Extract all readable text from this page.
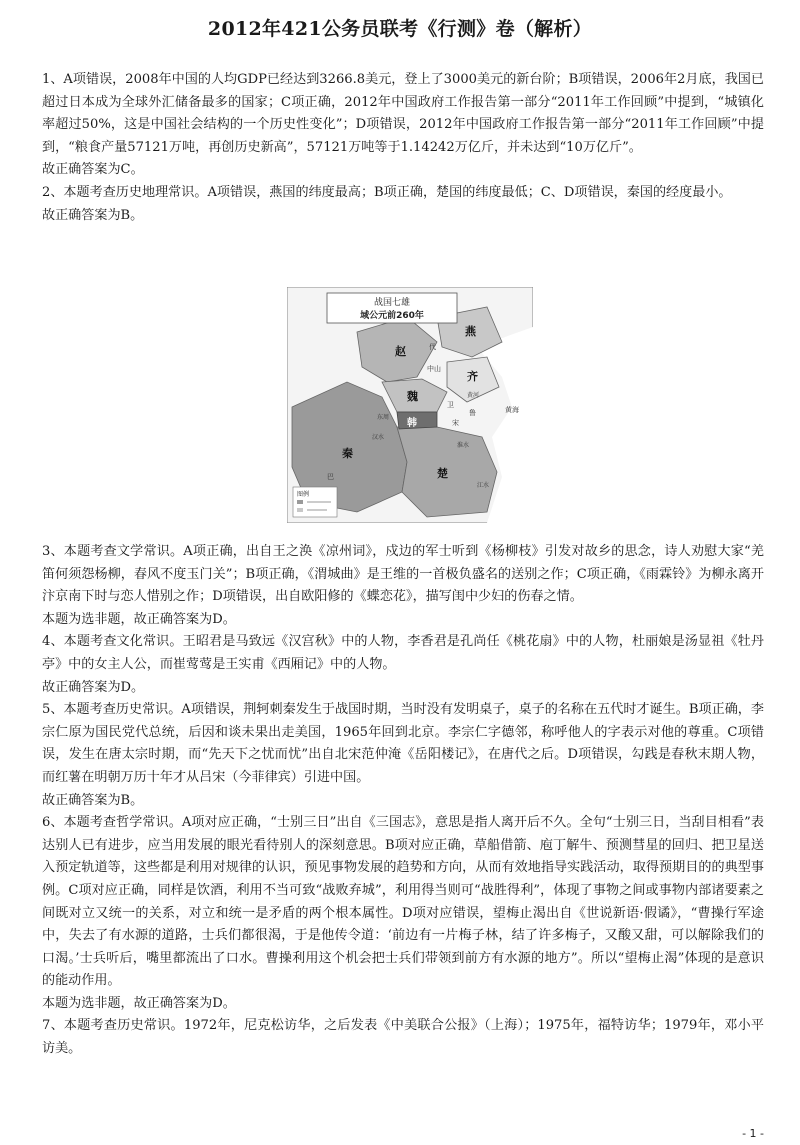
2012年421公务员联考《行测》卷（解析）

1、A项错误，2008年中国的人均GDP已经达到3266.8美元，登上了3000美元的新台阶；B项错误，2006年2月底，我国已超过日本成为全球外汇储备最多的国家；C项正确，2012年中国政府工作报告第一部分“2011年工作回顾”中提到，“城镇化率超过50%，这是中国社会结构的一个历史性变化”；D项错误，2012年中国政府工作报告第一部分“2011年工作回顾”中提到，“粮食产量57121万吨，再创历史新高”，57121万吨等于1.14242万亿斤，并未达到“10万亿斤”。

故正确答案为C。

2、本题考查历史地理常识。A项错误，燕国的纬度最高；B项正确，楚国的纬度最低；C、D项错误，秦国的经度最小。

故正确答案为B。

战国七雄
域公元前260年
赵
燕
齐
魏
韩
秦
楚
代
中山
黄河
卫
东周
宋
鲁
巴
汉水
黄海
淮水
江水
图例

3、本题考查文学常识。A项正确，出自王之涣《凉州词》，戍边的军士听到《杨柳枝》引发对故乡的思念，诗人劝慰大家“羌笛何须怨杨柳，春风不度玉门关”；B项正确，《渭城曲》是王维的一首极负盛名的送别之作；C项正确，《雨霖铃》为柳永离开汴京南下时与恋人惜别之作；D项错误，出自欧阳修的《蝶恋花》，描写闺中少妇的伤春之情。

本题为选非题，故正确答案为D。

4、本题考查文化常识。王昭君是马致远《汉宫秋》中的人物，李香君是孔尚任《桃花扇》中的人物，杜丽娘是汤显祖《牡丹亭》中的女主人公，而崔莺莺是王实甫《西厢记》中的人物。

故正确答案为D。

5、本题考查历史常识。A项错误，荆轲刺秦发生于战国时期，当时没有发明桌子，桌子的名称在五代时才诞生。B项正确，李宗仁原为国民党代总统，后因和谈未果出走美国，1965年回到北京。李宗仁字德邻，称呼他人的字表示对他的尊重。C项错误，发生在唐太宗时期，而“先天下之忧而忧”出自北宋范仲淹《岳阳楼记》，在唐代之后。D项错误，勾践是春秋末期人物，而红薯在明朝万历十年才从吕宋（今菲律宾）引进中国。

故正确答案为B。

6、本题考查哲学常识。A项对应正确，“士别三日”出自《三国志》，意思是指人离开后不久。全句“士别三日，当刮目相看”表达别人已有进步，应当用发展的眼光看待别人的深刻意思。B项对应正确，草船借箭、庖丁解牛、预测彗星的回归、把卫星送入预定轨道等，这些都是利用对规律的认识，预见事物发展的趋势和方向，从而有效地指导实践活动，取得预期目的的典型事例。C项对应正确，同样是饮酒，利用不当可致“战败弃城”，利用得当则可“战胜得利”，体现了事物之间或事物内部诸要素之间既对立又统一的关系，对立和统一是矛盾的两个根本属性。D项对应错误，望梅止渴出自《世说新语·假谲》，“曹操行军途中，失去了有水源的道路，士兵们都很渴，于是他传令道：‘前边有一片梅子林，结了许多梅子，又酸又甜，可以解除我们的口渴。’士兵听后，嘴里都流出了口水。曹操利用这个机会把士兵们带领到前方有水源的地方”。所以“望梅止渴”体现的是意识的能动作用。

本题为选非题，故正确答案为D。

7、本题考查历史常识。1972年，尼克松访华，之后发表《中美联合公报》（上海）；1975年，福特访华；1979年，邓小平访美。

- 1 -
